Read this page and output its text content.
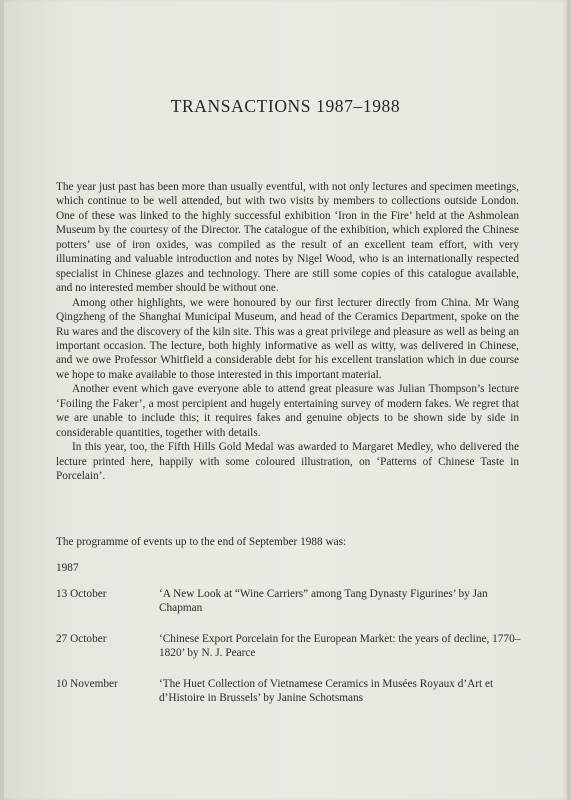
TRANSACTIONS 1987–1988

The year just past has been more than usually eventful, with not only lectures and specimen meetings, which continue to be well attended, but with two visits by members to collections outside London. One of these was linked to the highly successful exhibition ‘Iron in the Fire’ held at the Ashmolean Museum by the courtesy of the Director. The catalogue of the exhibition, which explored the Chinese potters’ use of iron oxides, was compiled as the result of an excellent team effort, with very illuminating and valuable introduction and notes by Nigel Wood, who is an internationally respected specialist in Chinese glazes and technology. There are still some copies of this catalogue available, and no interested member should be without one.

Among other highlights, we were honoured by our first lecturer directly from China. Mr Wang Qingzheng of the Shanghai Municipal Museum, and head of the Ceramics Department, spoke on the Ru wares and the discovery of the kiln site. This was a great privilege and pleasure as well as being an important occasion. The lecture, both highly informative as well as witty, was delivered in Chinese, and we owe Professor Whitfield a considerable debt for his excellent translation which in due course we hope to make available to those interested in this important material.

Another event which gave everyone able to attend great pleasure was Julian Thompson’s lecture ‘Foiling the Faker’, a most percipient and hugely entertaining survey of modern fakes. We regret that we are unable to include this; it requires fakes and genuine objects to be shown side by side in considerable quantities, together with details.

In this year, too, the Fifth Hills Gold Medal was awarded to Margaret Medley, who delivered the lecture printed here, happily with some coloured illustration, on ‘Patterns of Chinese Taste in Porcelain’.

The programme of events up to the end of September 1988 was:
1987
13 October	‘A New Look at “Wine Carriers” among Tang Dynasty Figurines’ by Jan Chapman
27 October	‘Chinese Export Porcelain for the European Market: the years of decline, 1770–1820’ by N. J. Pearce
10 November	‘The Huet Collection of Vietnamese Ceramics in Musées Royaux d’Art et d’Histoire in Brussels’ by Janine Schotsmans
